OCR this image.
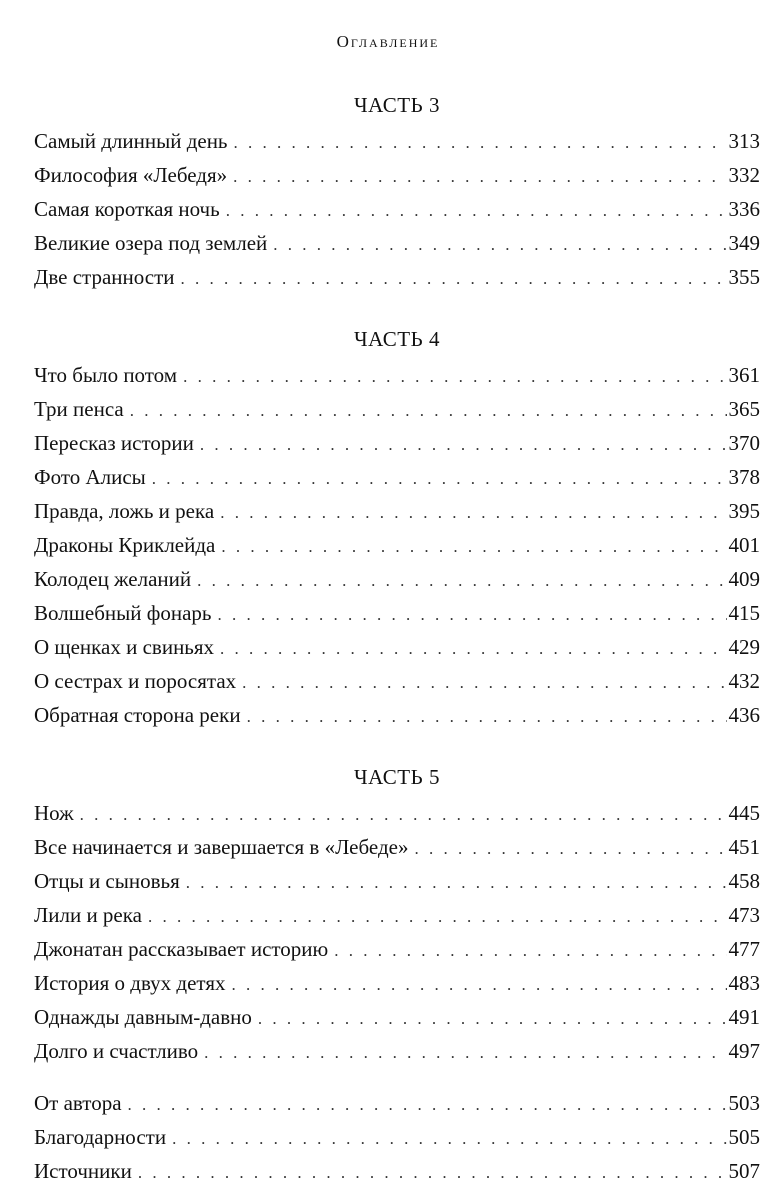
Оглавление
ЧАСТЬ 3
Самый длинный день . . .	313
Философия «Лебедя» . . .	332
Самая короткая ночь . . .	336
Великие озера под землей . . .	349
Две странности . . .	355
ЧАСТЬ 4
Что было потом . . .	361
Три пенса . . .	365
Пересказ истории . . .	370
Фото Алисы . . .	378
Правда, ложь и река . . .	395
Драконы Криклейда . . .	401
Колодец желаний . . .	409
Волшебный фонарь . . .	415
О щенках и свиньях . . .	429
О сестрах и поросятах . . .	432
Обратная сторона реки . . .	436
ЧАСТЬ 5
Нож . . .	445
Все начинается и завершается в «Лебеде» . . .	451
Отцы и сыновья . . .	458
Лили и река . . .	473
Джонатан рассказывает историю . . .	477
История о двух детях . . .	483
Однажды давным-давно . . .	491
Долго и счастливо . . .	497
От автора . . .	503
Благодарности . . .	505
Источники . . .	507
